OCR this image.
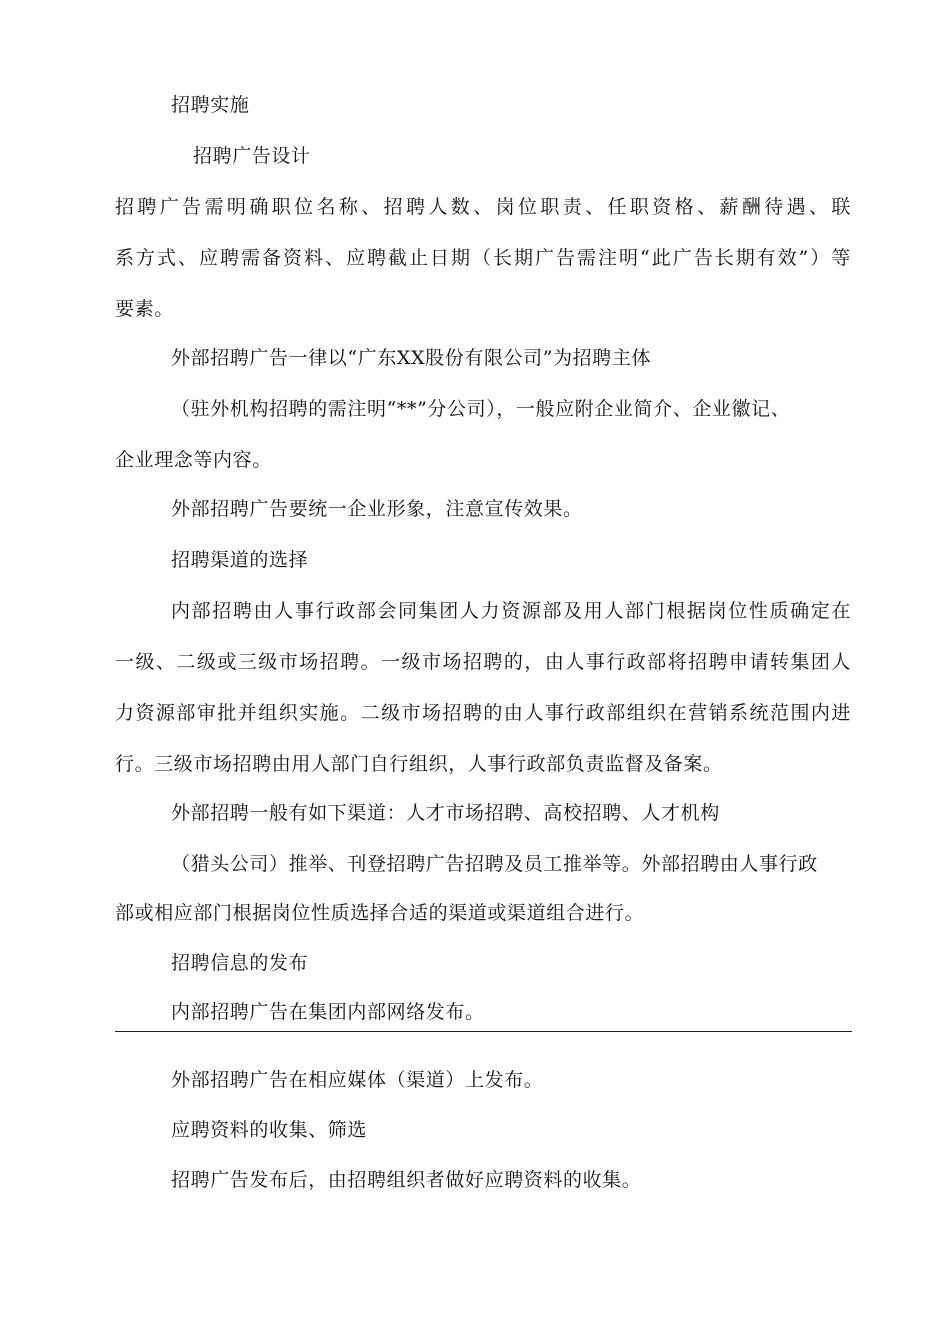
招聘实施

招聘广告设计

招聘广告需明确职位名称、招聘人数、岗位职责、任职资格、薪酬待遇、联

系方式、应聘需备资料、应聘截止日期（长期广告需注明“此广告长期有效”）等

要素。

外部招聘广告一律以“广东XX股份有限公司”为招聘主体

（驻外机构招聘的需注明“**”分公司），一般应附企业简介、企业徽记、

企业理念等内容。

外部招聘广告要统一企业形象，注意宣传效果。

招聘渠道的选择

内部招聘由人事行政部会同集团人力资源部及用人部门根据岗位性质确定在

一级、二级或三级市场招聘。一级市场招聘的，由人事行政部将招聘申请转集团人

力资源部审批并组织实施。二级市场招聘的由人事行政部组织在营销系统范围内进

行。三级市场招聘由用人部门自行组织，人事行政部负责监督及备案。

外部招聘一般有如下渠道：人才市场招聘、高校招聘、人才机构

（猎头公司）推举、刊登招聘广告招聘及员工推举等。外部招聘由人事行政

部或相应部门根据岗位性质选择合适的渠道或渠道组合进行。

招聘信息的发布

内部招聘广告在集团内部网络发布。

外部招聘广告在相应媒体（渠道）上发布。

应聘资料的收集、筛选

招聘广告发布后，由招聘组织者做好应聘资料的收集。
